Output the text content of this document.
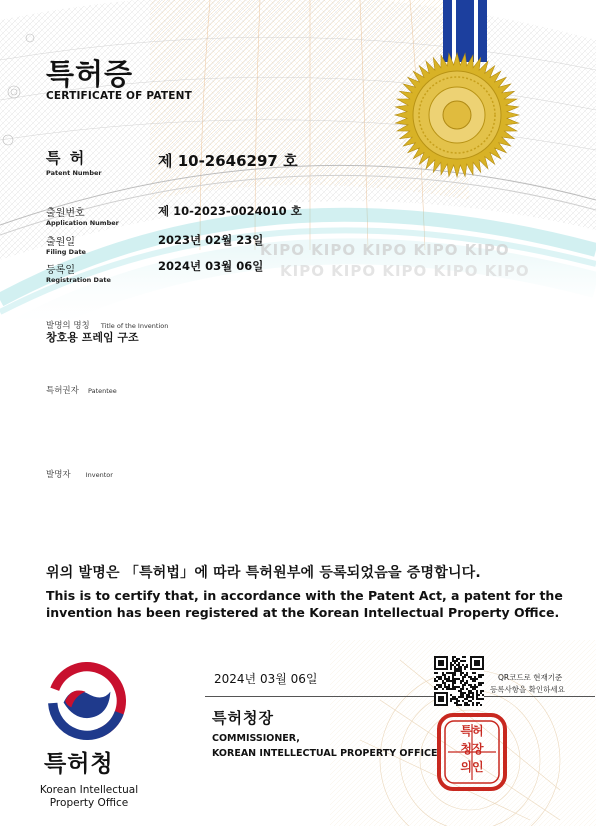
KIPO KIPO KIPO KIPO KIPO
KIPO KIPO KIPO KIPO KIPO
특허증
CERTIFICATE OF PATENT
특 허
Patent Number
제 10-2646297 호
출원번호
Application Number
제 10-2023-0024010 호
출원일
Filing Date
2023년 02월 23일
등록일
Registration Date
2024년 03월 06일
발명의 명칭 Title of the Invention
창호용 프레임 구조
특허권자 Patentee
발명자 Inventor
위의 발명은 「특허법」에 따라 특허원부에 등록되었음을 증명합니다.
This is to certify that, in accordance with the Patent Act, a patent for the
invention has been registered at the Korean Intellectual Property Office.
2024년 03월 06일	QR코드로 현재기준
등록사항을 확인하세요
특허청장
COMMISSIONER,
KOREAN INTELLECTUAL PROPERTY OFFICE
특허
청장
의인
특허청
Korean Intellectual
Property Office
